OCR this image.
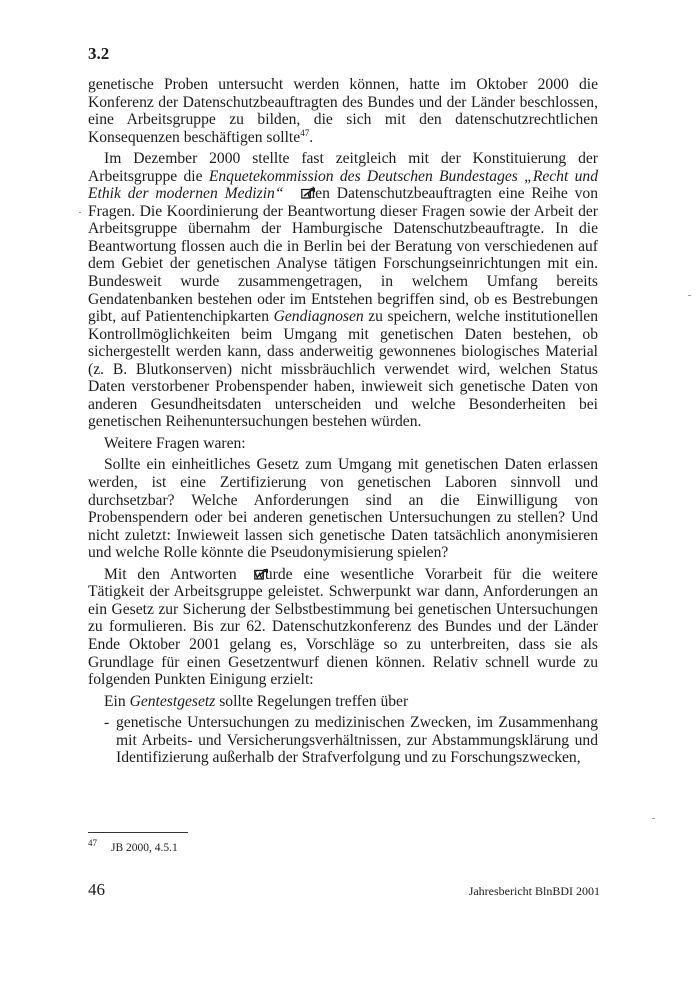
3.2

genetische Proben untersucht werden können, hatte im Oktober 2000 die Konferenz der Datenschutzbeauftragten des Bundes und der Länder beschlossen, eine Arbeitsgruppe zu bilden, die sich mit den datenschutzrechtlichen Konsequenzen beschäftigen sollte$^{47}$.

Im Dezember 2000 stellte fast zeitgleich mit der Konstituierung der Arbeitsgruppe die Enquetekommission des Deutschen Bundestages „Recht und Ethik der modernen Medizin“ den Datenschutzbeauftragten eine Reihe von Fragen. Die Koordinierung der Beantwortung dieser Fragen sowie der Arbeit der Arbeitsgruppe übernahm der Hamburgische Datenschutzbeauftragte. In die Beantwortung flossen auch die in Berlin bei der Beratung von verschiedenen auf dem Gebiet der genetischen Analyse tätigen Forschungseinrichtungen mit ein. Bundesweit wurde zusammengetragen, in welchem Umfang bereits Gendatenbanken bestehen oder im Entstehen begriffen sind, ob es Bestrebungen gibt, auf Patientenchipkarten Gendiagnosen zu speichern, welche institutionellen Kontrollmöglichkeiten beim Umgang mit genetischen Daten bestehen, ob sichergestellt werden kann, dass anderweitig gewonnenes biologisches Material (z. B. Blutkonserven) nicht missbräuchlich verwendet wird, welchen Status Daten verstorbener Probenspender haben, inwieweit sich genetische Daten von anderen Gesundheitsdaten unterscheiden und welche Besonderheiten bei genetischen Reihenuntersuchungen bestehen würden.

Weitere Fragen waren:

Sollte ein einheitliches Gesetz zum Umgang mit genetischen Daten erlassen werden, ist eine Zertifizierung von genetischen Laboren sinnvoll und durchsetzbar? Welche Anforderungen sind an die Einwilligung von Probenspendern oder bei anderen genetischen Untersuchungen zu stellen? Und nicht zuletzt: Inwieweit lassen sich genetische Daten tatsächlich anonymisieren und welche Rolle könnte die Pseudonymisierung spielen?

Mit den Antworten wurde eine wesentliche Vorarbeit für die weitere Tätigkeit der Arbeitsgruppe geleistet. Schwerpunkt war dann, Anforderungen an ein Gesetz zur Sicherung der Selbstbestimmung bei genetischen Untersuchungen zu formulieren. Bis zur 62. Datenschutzkonferenz des Bundes und der Länder Ende Oktober 2001 gelang es, Vorschläge so zu unterbreiten, dass sie als Grundlage für einen Gesetzentwurf dienen können. Relativ schnell wurde zu folgenden Punkten Einigung erzielt:

Ein Gentestgesetz sollte Regelungen treffen über

- genetische Untersuchungen zu medizinischen Zwecken, im Zusammenhang mit Arbeits- und Versicherungsverhältnissen, zur Abstammungsklärung und Identifizierung außerhalb der Strafverfolgung und zu Forschungszwecken,

$^{47}$ JB 2000, 4.5.1
46	Jahresbericht BlnBDI 2001
